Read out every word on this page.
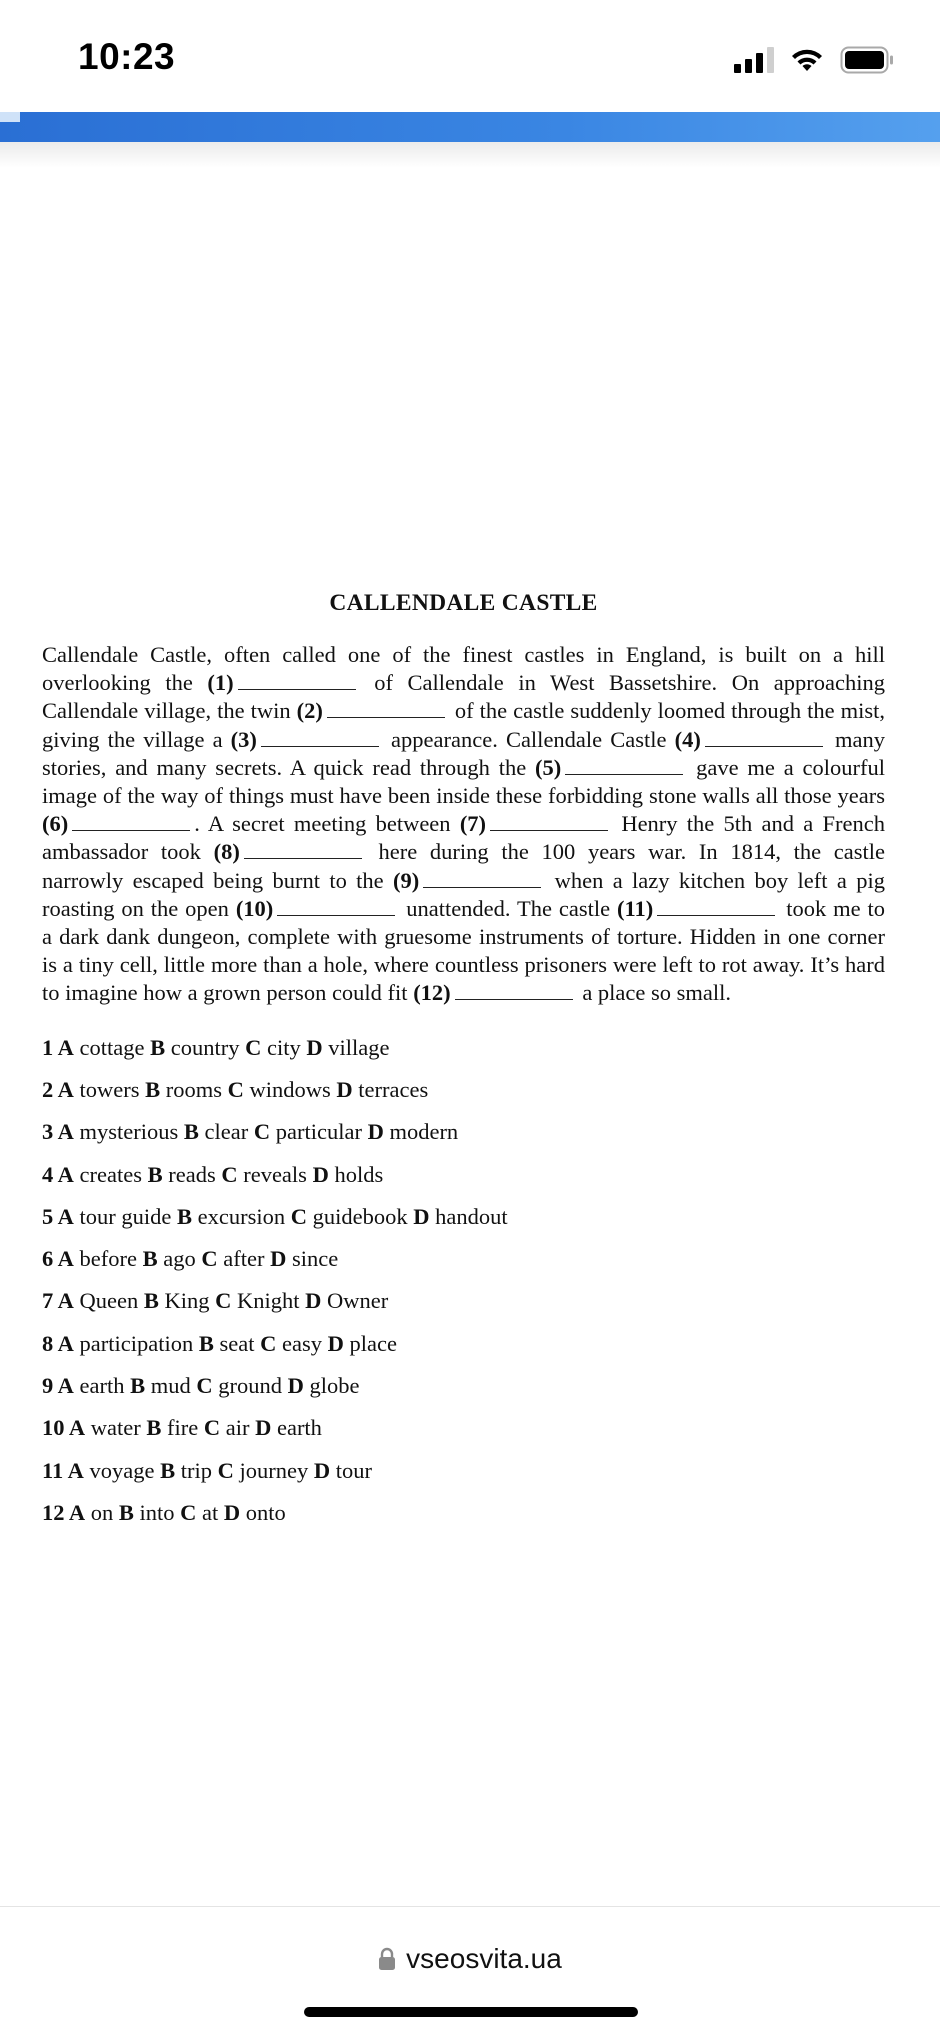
10:23
CALLENDALE CASTLE

Callendale Castle, often called one of the finest castles in England, is built on a hill overlooking the (1)	of Callendale in West Bassetshire. On approaching Callendale village, the twin (2)	of the castle suddenly loomed through the mist, giving the village a (3)	appearance. Callendale Castle (4)	many stories, and many secrets. A quick read through the (5)	gave me a colourful image of the way of things must have been inside these forbidding stone walls all those years (6)	. A secret meeting between (7)	Henry the 5th and a French ambassador took (8)	here during the 100 years war. In 1814, the castle narrowly escaped being burnt to the (9)	when a lazy kitchen boy left a pig roasting on the open (10)	unattended. The castle (11)	took me to a dark dank dungeon, complete with gruesome instruments of torture. Hidden in one corner is a tiny cell, little more than a hole, where countless prisoners were left to rot away. It’s hard to imagine how a grown person could fit (12)	a place so small.

1 A cottage B country C city D village
2 A towers B rooms C windows D terraces
3 A mysterious B clear C particular D modern
4 A creates B reads C reveals D holds
5 A tour guide B excursion C guidebook D handout
6 A before B ago C after D since
7 A Queen B King C Knight D Owner
8 A participation B seat C easy D place
9 A earth B mud C ground D globe
10 A water B fire C air D earth
11 A voyage B trip C journey D tour
12 A on B into C at D onto
vseosvita.ua
